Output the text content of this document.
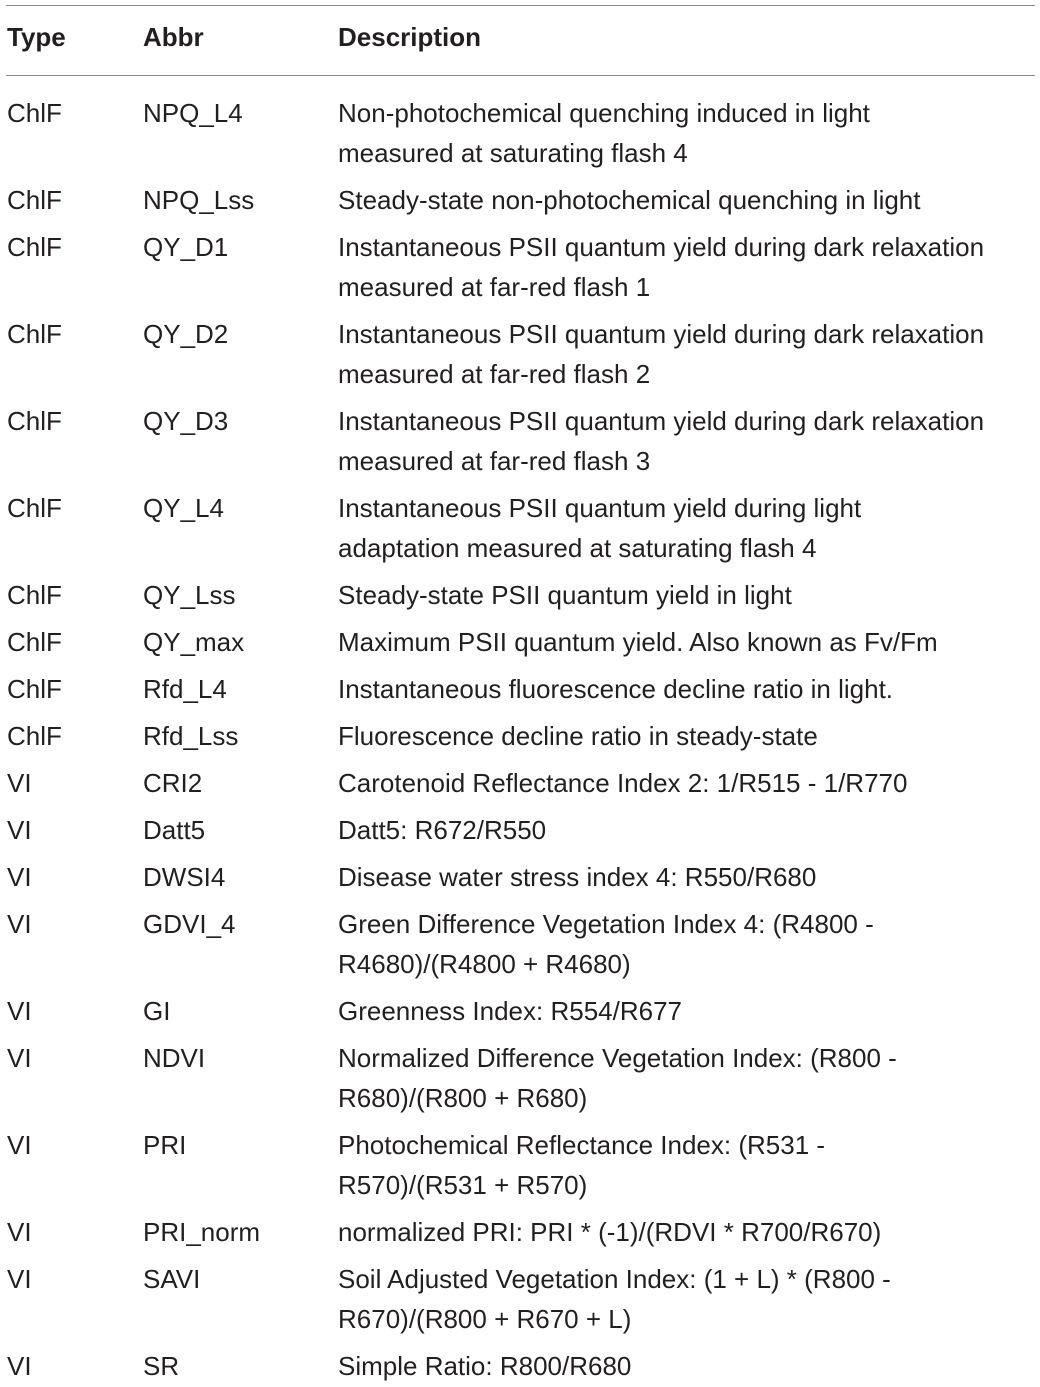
Type	Abbr	Description
ChlF	NPQ_L4	Non-photochemical quenching induced in light
measured at saturating flash 4
ChlF	NPQ_Lss	Steady-state non-photochemical quenching in light
ChlF	QY_D1	Instantaneous PSII quantum yield during dark relaxation
measured at far-red flash 1
ChlF	QY_D2	Instantaneous PSII quantum yield during dark relaxation
measured at far-red flash 2
ChlF	QY_D3	Instantaneous PSII quantum yield during dark relaxation
measured at far-red flash 3
ChlF	QY_L4	Instantaneous PSII quantum yield during light
adaptation measured at saturating flash 4
ChlF	QY_Lss	Steady-state PSII quantum yield in light
ChlF	QY_max	Maximum PSII quantum yield. Also known as Fv/Fm
ChlF	Rfd_L4	Instantaneous fluorescence decline ratio in light.
ChlF	Rfd_Lss	Fluorescence decline ratio in steady-state
VI	CRI2	Carotenoid Reflectance Index 2: 1/R515 - 1/R770
VI	Datt5	Datt5: R672/R550
VI	DWSI4	Disease water stress index 4: R550/R680
VI	GDVI_4	Green Difference Vegetation Index 4: (R4800 -
R4680)/(R4800 + R4680)
VI	GI	Greenness Index: R554/R677
VI	NDVI	Normalized Difference Vegetation Index: (R800 -
R680)/(R800 + R680)
VI	PRI	Photochemical Reflectance Index: (R531 -
R570)/(R531 + R570)
VI	PRI_norm	normalized PRI: PRI * (-1)/(RDVI * R700/R670)
VI	SAVI	Soil Adjusted Vegetation Index: (1 + L) * (R800 -
R670)/(R800 + R670 + L)
VI	SR	Simple Ratio: R800/R680
